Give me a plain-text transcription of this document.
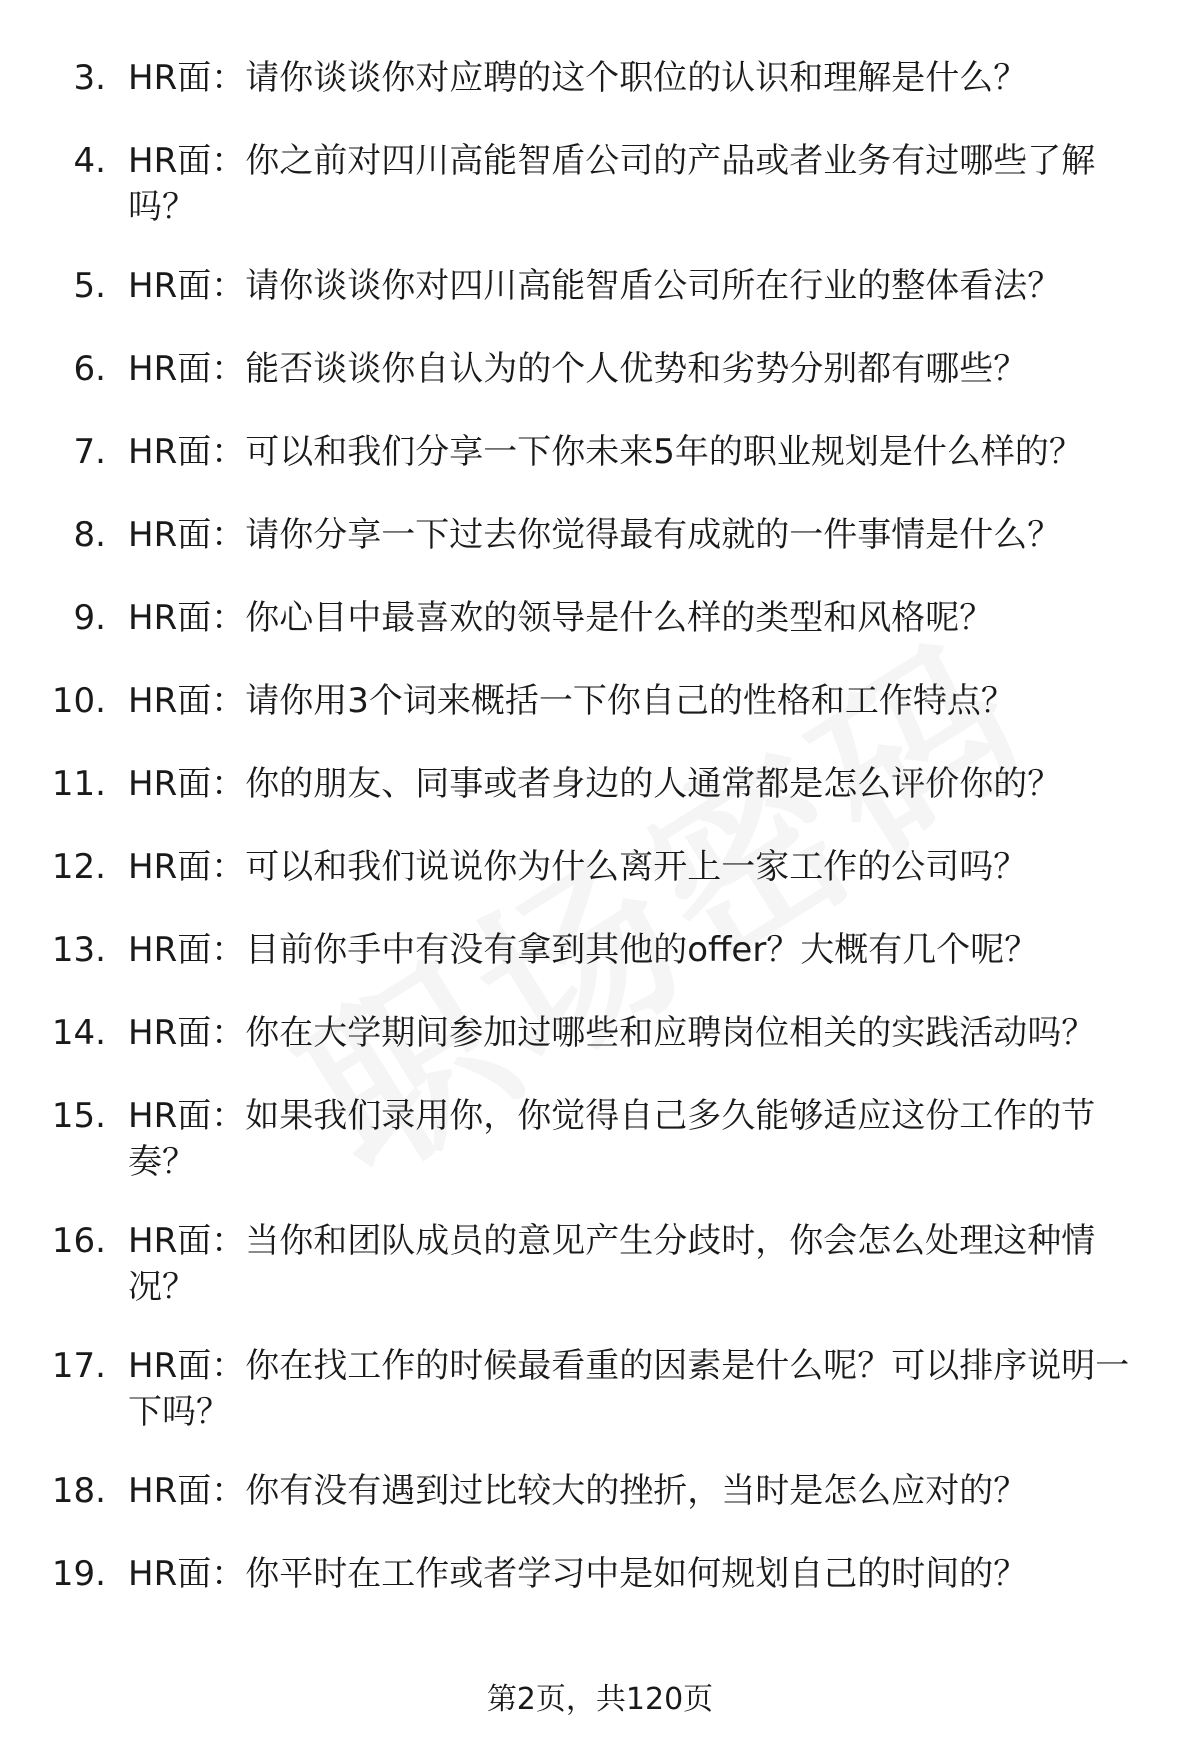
3. HR面：请你谈谈你对应聘的这个职位的认识和理解是什么？
4. HR面：你之前对四川高能智盾公司的产品或者业务有过哪些了解吗？
5. HR面：请你谈谈你对四川高能智盾公司所在行业的整体看法？
6. HR面：能否谈谈你自认为的个人优势和劣势分别都有哪些？
7. HR面：可以和我们分享一下你未来5年的职业规划是什么样的？
8. HR面：请你分享一下过去你觉得最有成就的一件事情是什么？
9. HR面：你心目中最喜欢的领导是什么样的类型和风格呢？
10. HR面：请你用3个词来概括一下你自己的性格和工作特点？
11. HR面：你的朋友、同事或者身边的人通常都是怎么评价你的？
12. HR面：可以和我们说说你为什么离开上一家工作的公司吗？
13. HR面：目前你手中有没有拿到其他的offer？大概有几个呢？
14. HR面：你在大学期间参加过哪些和应聘岗位相关的实践活动吗？
15. HR面：如果我们录用你，你觉得自己多久能够适应这份工作的节奏？
16. HR面：当你和团队成员的意见产生分歧时，你会怎么处理这种情况？
17. HR面：你在找工作的时候最看重的因素是什么呢？可以排序说明一下吗？
18. HR面：你有没有遇到过比较大的挫折，当时是怎么应对的？
19. HR面：你平时在工作或者学习中是如何规划自己的时间的？
第2页，共120页
